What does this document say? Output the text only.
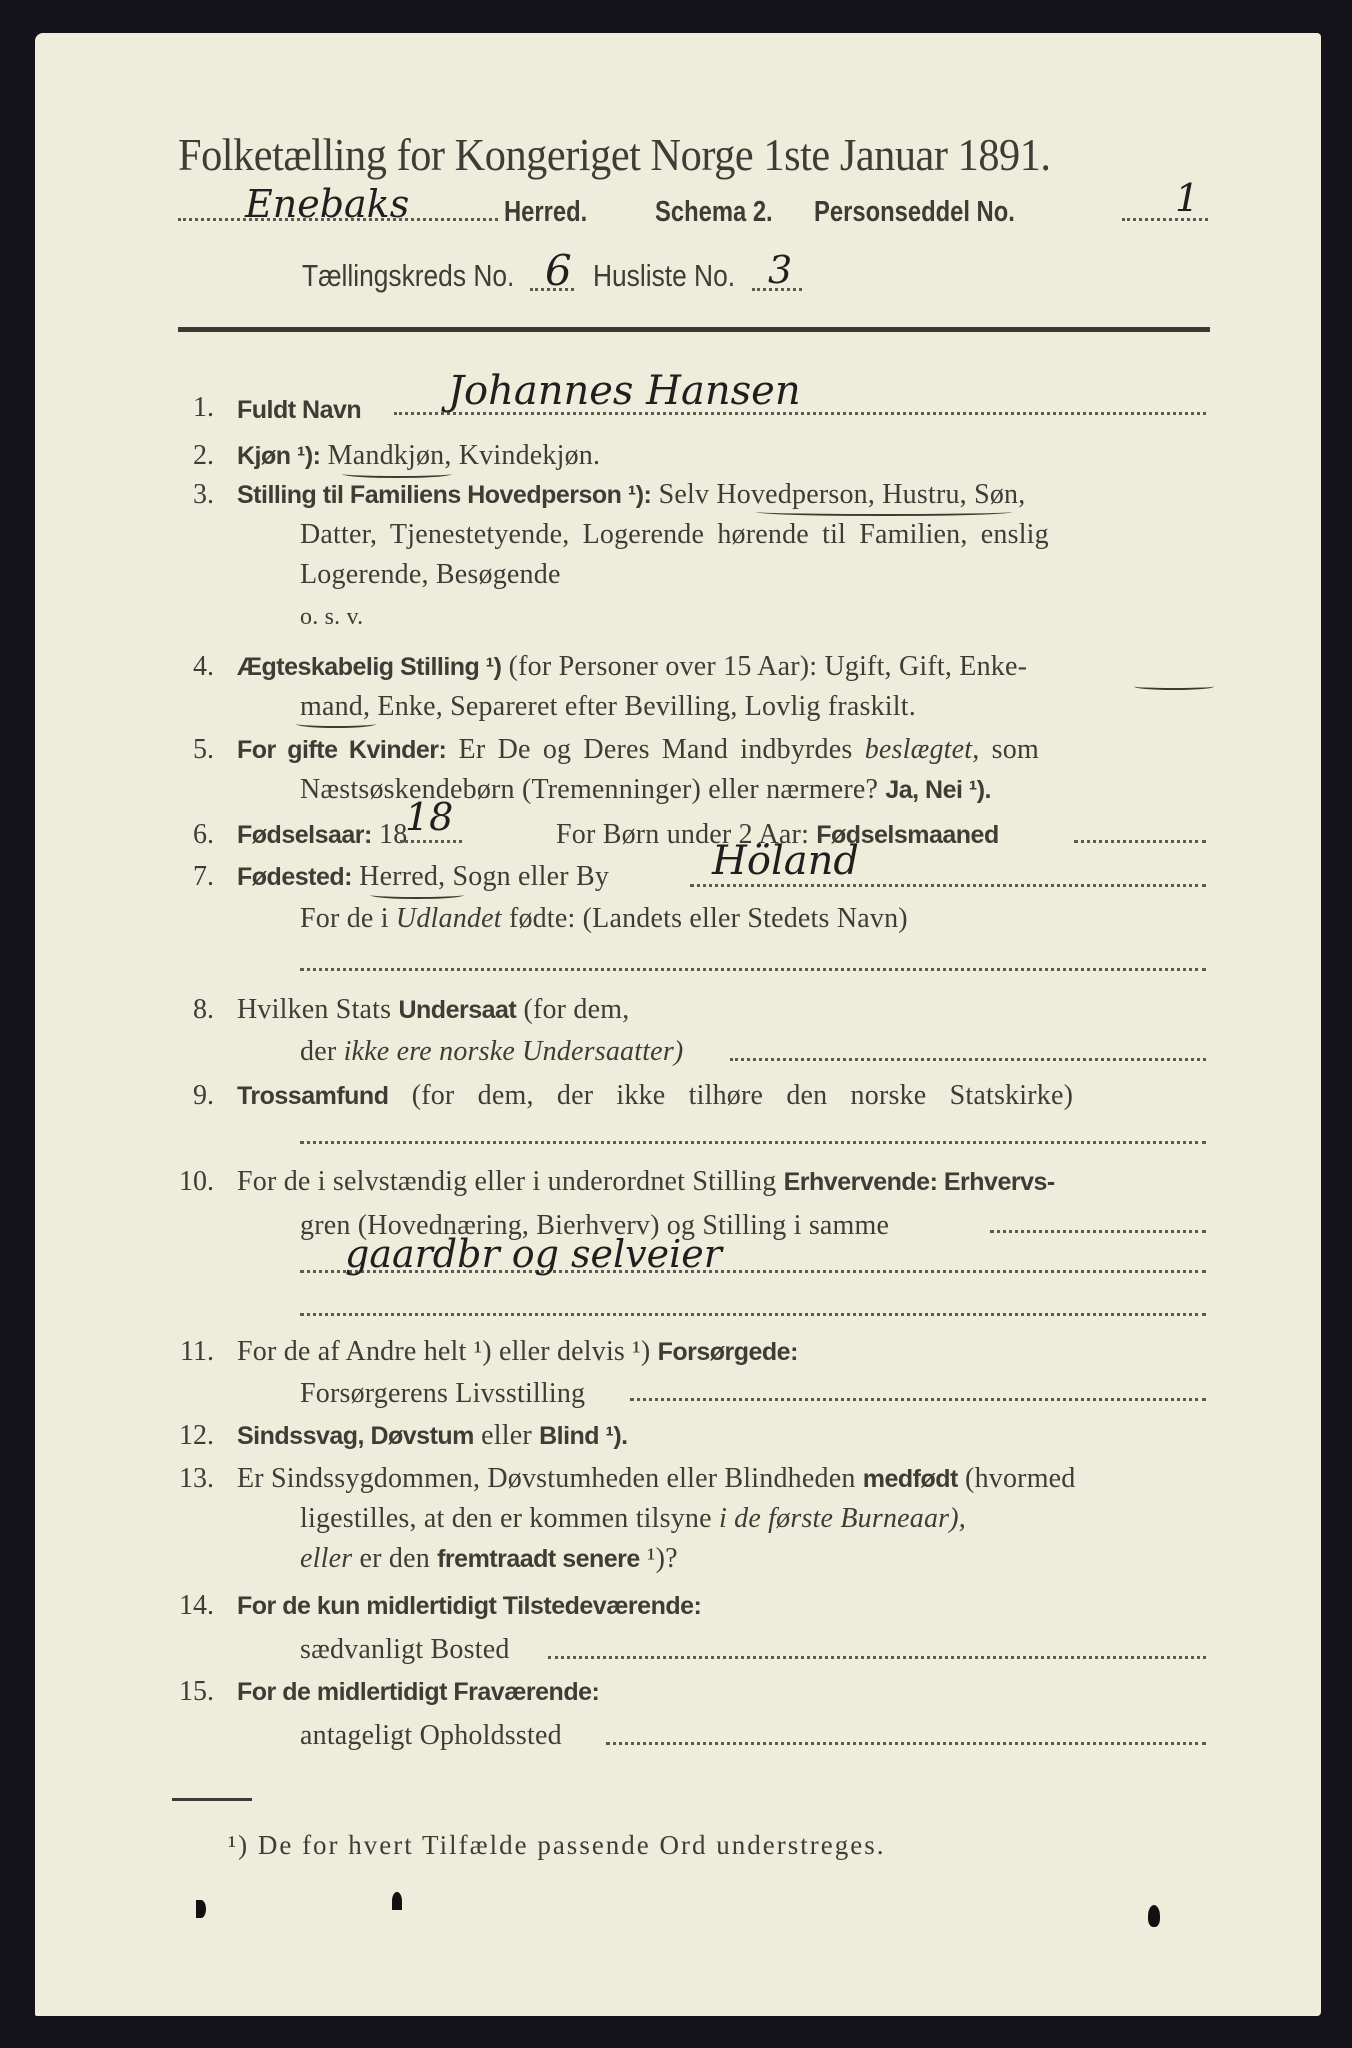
Folketælling for Kongeriget Norge 1ste Januar 1891.
Enebaks	Herred.	Schema 2.	Personseddel No.	1
Tællingskreds No. 6 Husliste No. 3
1. Fuldt Navn Johannes Hansen
2. Kjøn ¹): Mandkjøn, Kvindekjøn.
3. Stilling til Familiens Hovedperson ¹): Selv Hovedperson, Hustru, Søn,
Datter, Tjenestetyende, Logerende hørende til Familien, enslig
Logerende, Besøgende
o. s. v.
4. Ægteskabelig Stilling ¹) (for Personer over 15 Aar): Ugift, Gift, Enke-
mand, Enke, Separeret efter Bevilling, Lovlig fraskilt.
5. For gifte Kvinder: Er De og Deres Mand indbyrdes beslægtet, som
Næstsøskendebørn (Tremenninger) eller nærmere? Ja, Nei ¹).
6. Fødselsaar: 18
18	For Børn under 2 Aar: Fødselsmaaned
7. Fødested: Herred, Sogn eller By	Höland
For de i Udlandet fødte: (Landets eller Stedets Navn)
8. Hvilken Stats Undersaat (for dem,
der ikke ere norske Undersaatter)
9. Trossamfund (for dem, der ikke tilhøre den norske Statskirke)
10. For de i selvstændig eller i underordnet Stilling Erhvervende: Erhvervs-
gren (Hovednæring, Bierhverv) og Stilling i samme
gaardbr og selveier
11. For de af Andre helt ¹) eller delvis ¹) Forsørgede:
Forsørgerens Livsstilling
12. Sindssvag, Døvstum eller Blind ¹).
13. Er Sindssygdommen, Døvstumheden eller Blindheden medfødt (hvormed
ligestilles, at den er kommen tilsyne i de første Burneaar),
eller er den fremtraadt senere ¹)?
14. For de kun midlertidigt Tilstedeværende:
sædvanligt Bosted
15. For de midlertidigt Fraværende:
antageligt Opholdssted
¹) De for hvert Tilfælde passende Ord understreges.
